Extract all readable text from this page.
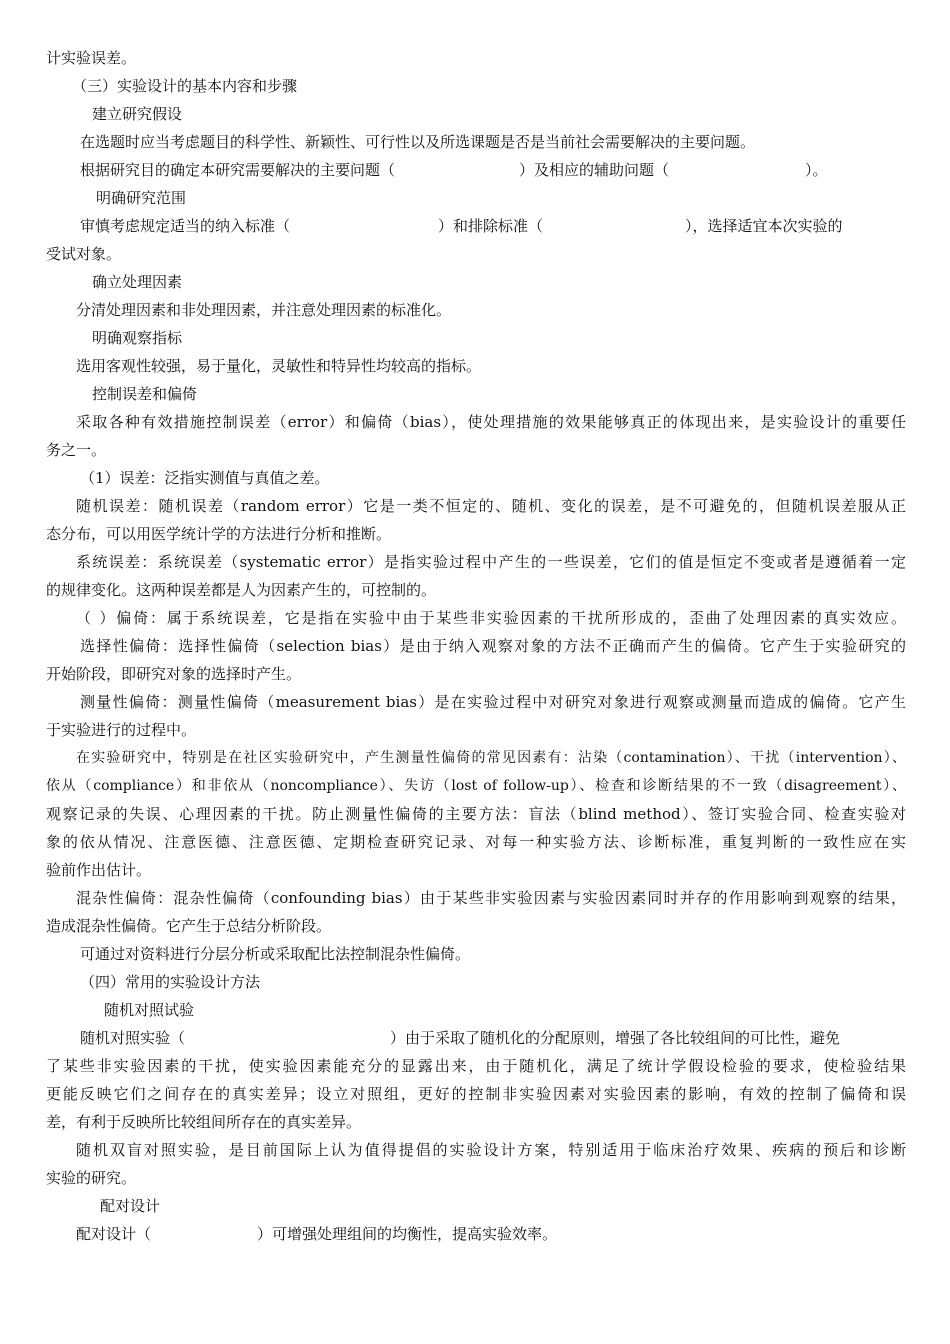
计实验误差。
（三）实验设计的基本内容和步骤
建立研究假设
在选题时应当考虑题目的科学性、新颖性、可行性以及所选课题是否是当前社会需要解决的主要问题。
根据研究目的确定本研究需要解决的主要问题（	）及相应的辅助问题（	）。
明确研究范围
审慎考虑规定适当的纳入标准（	）和排除标准（	），选择适宜本次实验的
受试对象。
确立处理因素
分清处理因素和非处理因素，并注意处理因素的标准化。
明确观察指标
选用客观性较强，易于量化，灵敏性和特异性均较高的指标。
控制误差和偏倚
采取各种有效措施控制误差（error）和偏倚（bias），使处理措施的效果能够真正的体现出来，是实验设计的重要任
务之一。
（1）误差：泛指实测值与真值之差。
随机误差：随机误差（random error）它是一类不恒定的、随机、变化的误差，是不可避免的，但随机误差服从正
态分布，可以用医学统计学的方法进行分析和推断。
系统误差：系统误差（systematic error）是指实验过程中产生的一些误差，它们的值是恒定不变或者是遵循着一定
的规律变化。这两种误差都是人为因素产生的，可控制的。
（ ）偏倚：属于系统误差，它是指在实验中由于某些非实验因素的干扰所形成的，歪曲了处理因素的真实效应。
选择性偏倚：选择性偏倚（selection bias）是由于纳入观察对象的方法不正确而产生的偏倚。它产生于实验研究的
开始阶段，即研究对象的选择时产生。
测量性偏倚：测量性偏倚（measurement bias）是在实验过程中对研究对象进行观察或测量而造成的偏倚。它产生
于实验进行的过程中。
在实验研究中，特别是在社区实验研究中，产生测量性偏倚的常见因素有：沾染（contamination）、干扰（intervention）、
依从（compliance）和非依从（noncompliance）、失访（lost of follow-up）、检查和诊断结果的不一致（disagreement）、
观察记录的失误、心理因素的干扰。防止测量性偏倚的主要方法：盲法（blind method）、签订实验合同、检查实验对
象的依从情况、注意医德、注意医德、定期检查研究记录、对每一种实验方法、诊断标准，重复判断的一致性应在实
验前作出估计。
混杂性偏倚：混杂性偏倚（confounding bias）由于某些非实验因素与实验因素同时并存的作用影响到观察的结果，
造成混杂性偏倚。它产生于总结分析阶段。
可通过对资料进行分层分析或采取配比法控制混杂性偏倚。
（四）常用的实验设计方法
随机对照试验
随机对照实验（	）由于采取了随机化的分配原则，增强了各比较组间的可比性，避免
了某些非实验因素的干扰，使实验因素能充分的显露出来，由于随机化，满足了统计学假设检验的要求，使检验结果
更能反映它们之间存在的真实差异；设立对照组，更好的控制非实验因素对实验因素的影响，有效的控制了偏倚和误
差，有利于反映所比较组间所存在的真实差异。
随机双盲对照实验，是目前国际上认为值得提倡的实验设计方案，特别适用于临床治疗效果、疾病的预后和诊断
实验的研究。
配对设计
配对设计（	）可增强处理组间的均衡性，提高实验效率。
